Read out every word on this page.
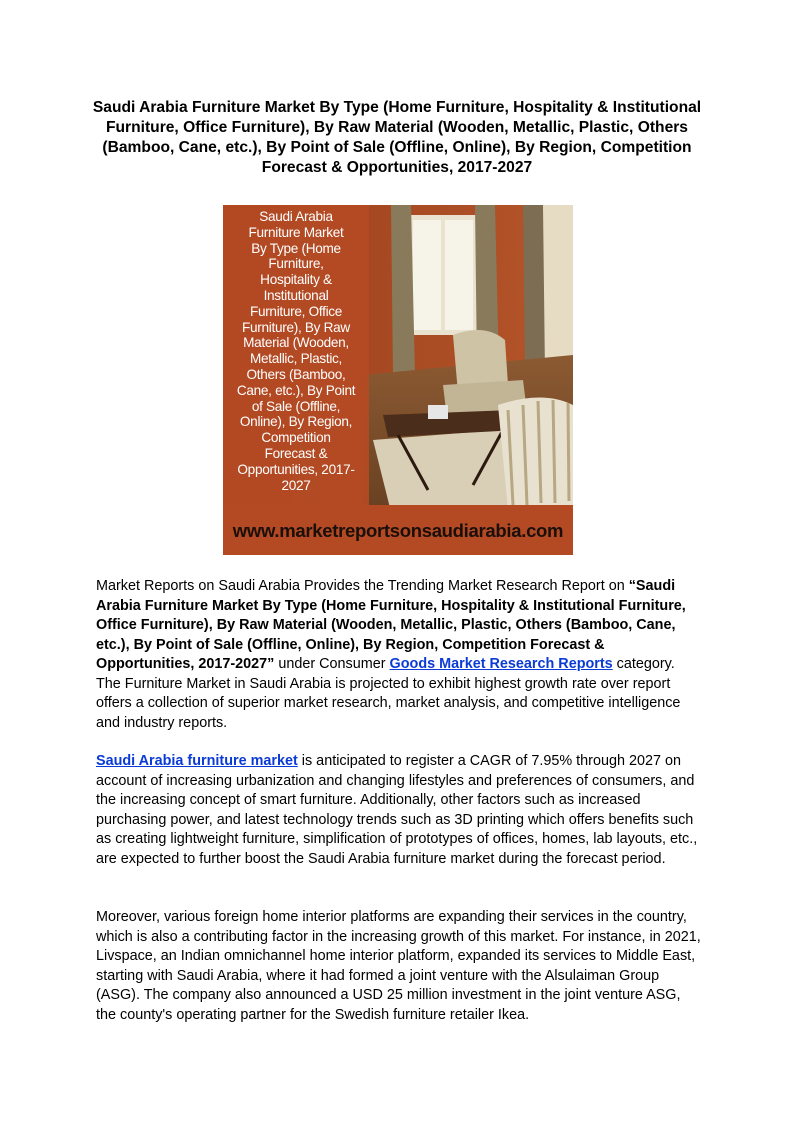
Saudi Arabia Furniture Market By Type (Home Furniture, Hospitality & Institutional Furniture, Office Furniture), By Raw Material (Wooden, Metallic, Plastic, Others (Bamboo, Cane, etc.), By Point of Sale (Offline, Online), By Region, Competition Forecast & Opportunities, 2017-2027
Saudi Arabia
Furniture Market
By Type (Home
Furniture,
Hospitality &
Institutional
Furniture, Office
Furniture), By Raw
Material (Wooden,
Metallic, Plastic,
Others (Bamboo,
Cane, etc.), By Point
of Sale (Offline,
Online), By Region,
Competition
Forecast &
Opportunities, 2017-
2027
www.marketreportsonsaudiarabia.com

Market Reports on Saudi Arabia Provides the Trending Market Research Report on “Saudi Arabia Furniture Market By Type (Home Furniture, Hospitality & Institutional Furniture, Office Furniture), By Raw Material (Wooden, Metallic, Plastic, Others (Bamboo, Cane, etc.), By Point of Sale (Offline, Online), By Region, Competition Forecast & Opportunities, 2017-2027” under Consumer Goods Market Research Reports category. The Furniture Market in Saudi Arabia is projected to exhibit highest growth rate over report offers a collection of superior market research, market analysis, and competitive intelligence and industry reports.

Saudi Arabia furniture market is anticipated to register a CAGR of 7.95% through 2027 on account of increasing urbanization and changing lifestyles and preferences of consumers, and the increasing concept of smart furniture. Additionally, other factors such as increased purchasing power, and latest technology trends such as 3D printing which offers benefits such as creating lightweight furniture, simplification of prototypes of offices, homes, lab layouts, etc., are expected to further boost the Saudi Arabia furniture market during the forecast period.

Moreover, various foreign home interior platforms are expanding their services in the country, which is also a contributing factor in the increasing growth of this market. For instance, in 2021, Livspace, an Indian omnichannel home interior platform, expanded its services to Middle East, starting with Saudi Arabia, where it had formed a joint venture with the Alsulaiman Group (ASG). The company also announced a USD 25 million investment in the joint venture ASG, the county's operating partner for the Swedish furniture retailer Ikea.
